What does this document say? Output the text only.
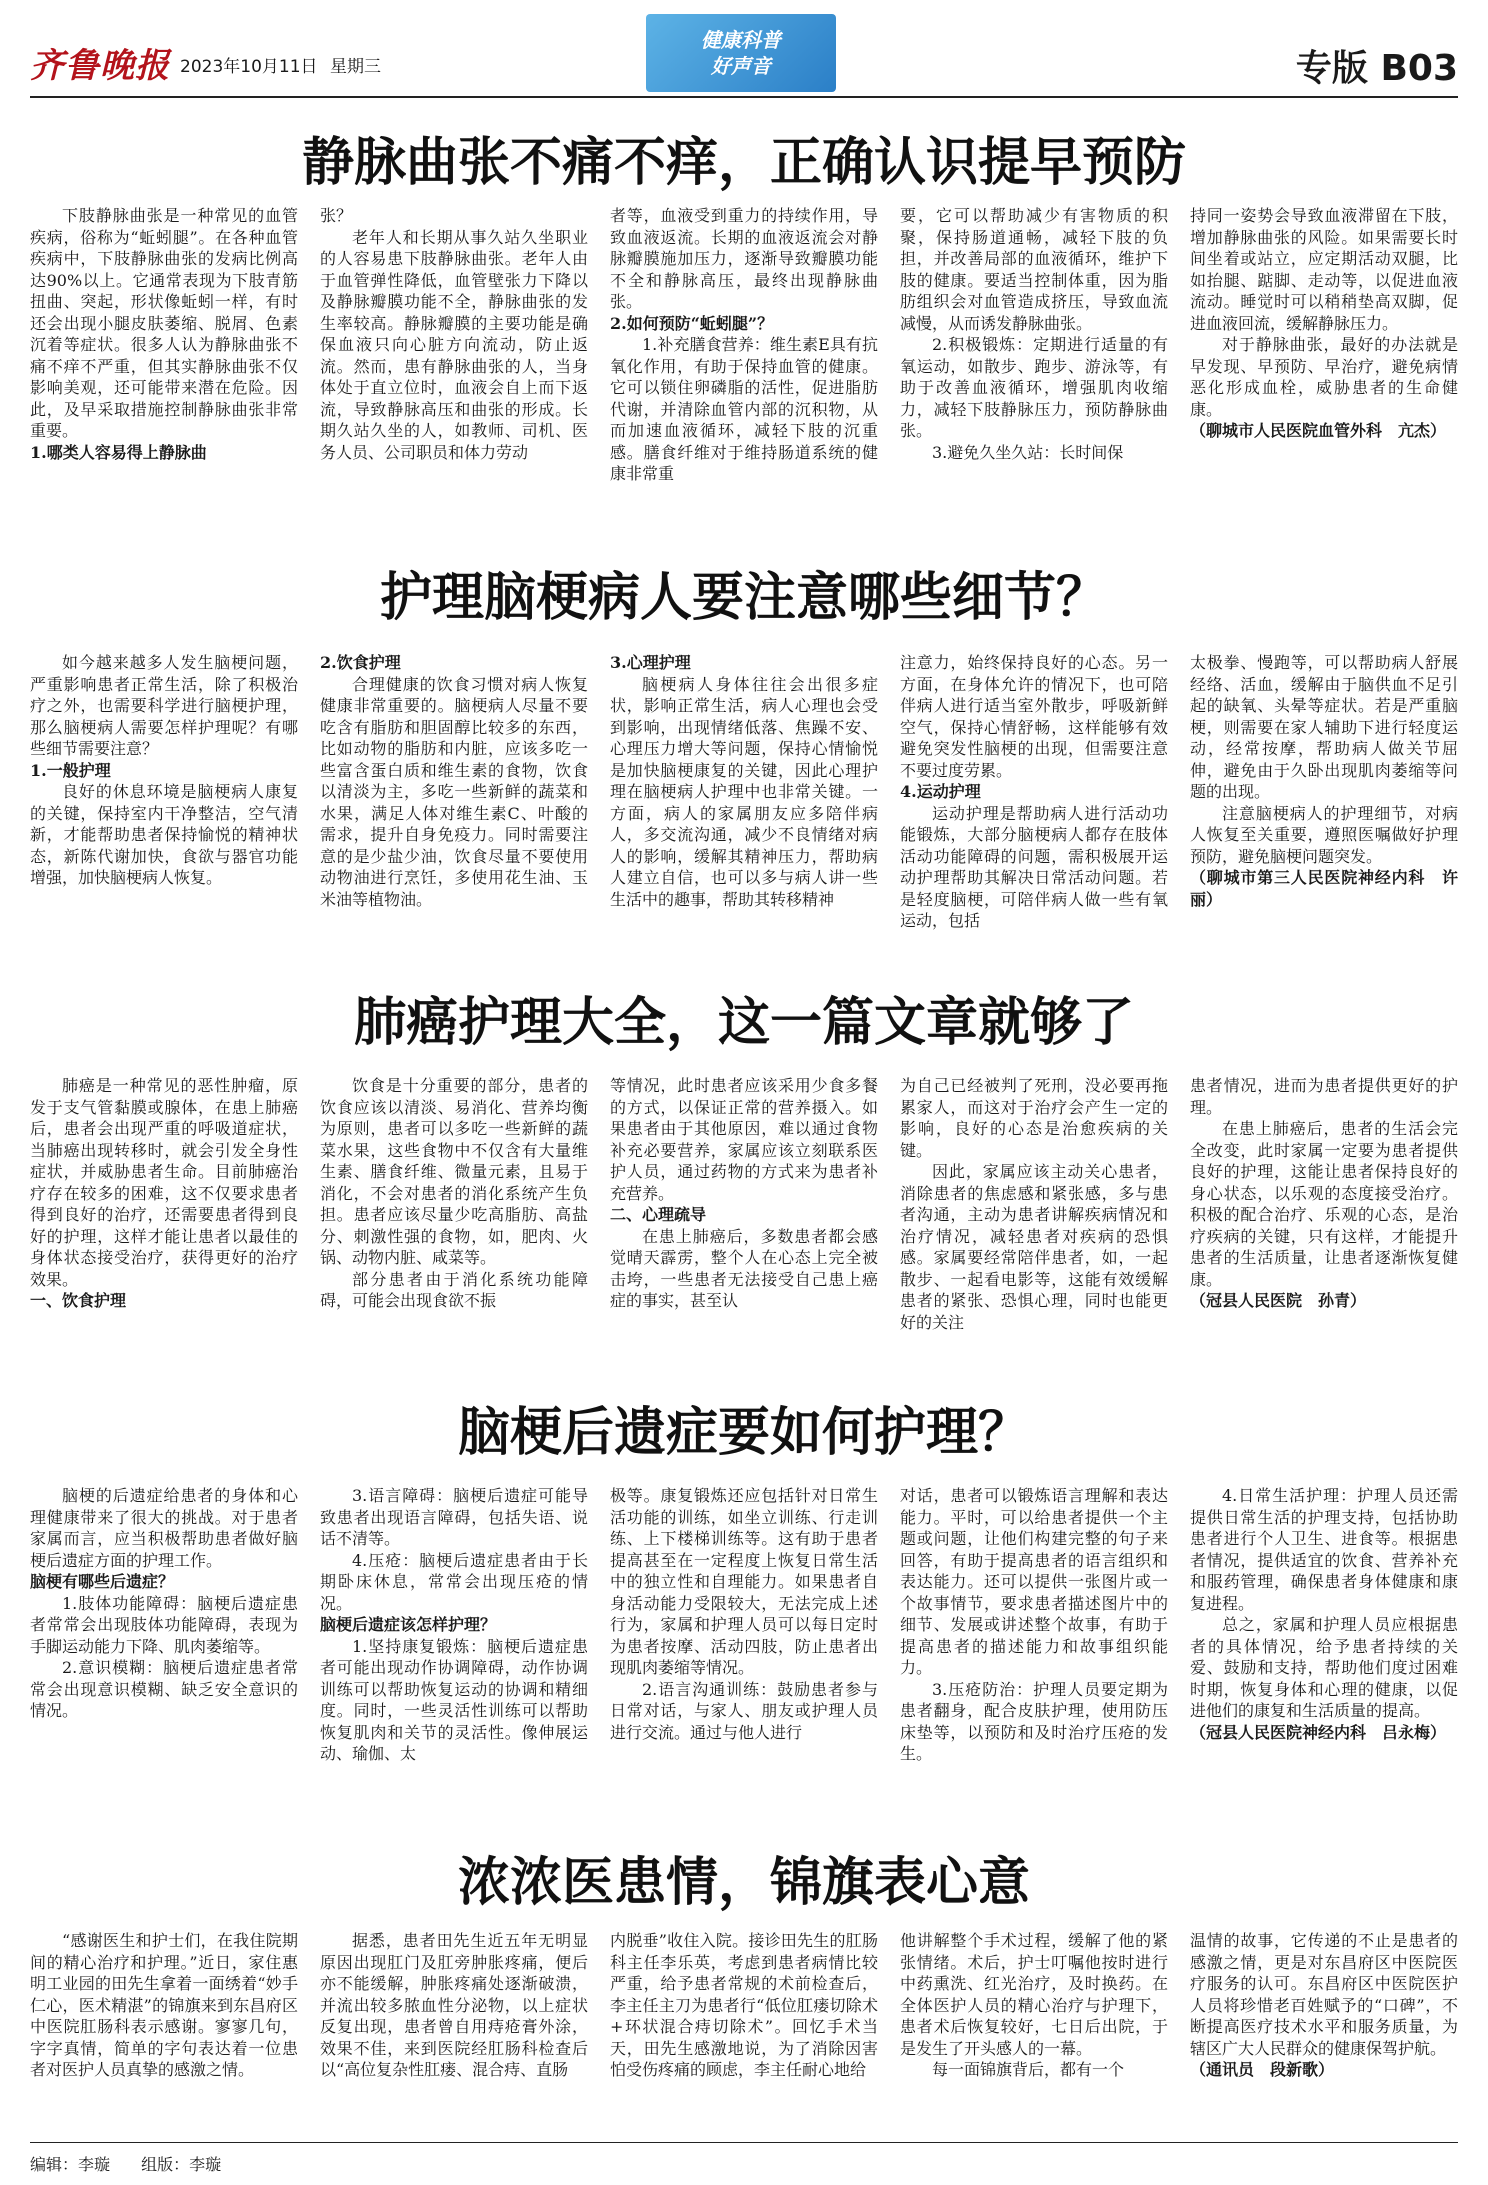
齐鲁晚报 2023年10月11日 星期三
健康科普
好声音	专版 B03
静脉曲张不痛不痒，正确认识提早预防

下肢静脉曲张是一种常见的血管疾病，俗称为“蚯蚓腿”。在各种血管疾病中，下肢静脉曲张的发病比例高达90%以上。它通常表现为下肢青筋扭曲、突起，形状像蚯蚓一样，有时还会出现小腿皮肤萎缩、脱屑、色素沉着等症状。很多人认为静脉曲张不痛不痒不严重，但其实静脉曲张不仅影响美观，还可能带来潜在危险。因此，及早采取措施控制静脉曲张非常重要。

1.哪类人容易得上静脉曲

张？

老年人和长期从事久站久坐职业的人容易患下肢静脉曲张。老年人由于血管弹性降低，血管壁张力下降以及静脉瓣膜功能不全，静脉曲张的发生率较高。静脉瓣膜的主要功能是确保血液只向心脏方向流动，防止返流。然而，患有静脉曲张的人，当身体处于直立位时，血液会自上而下返流，导致静脉高压和曲张的形成。长期久站久坐的人，如教师、司机、医务人员、公司职员和体力劳动

者等，血液受到重力的持续作用，导致血液返流。长期的血液返流会对静脉瓣膜施加压力，逐渐导致瓣膜功能不全和静脉高压，最终出现静脉曲张。

2.如何预防“蚯蚓腿”？

1.补充膳食营养：维生素E具有抗氧化作用，有助于保持血管的健康。它可以锁住卵磷脂的活性，促进脂肪代谢，并清除血管内部的沉积物，从而加速血液循环，减轻下肢的沉重感。膳食纤维对于维持肠道系统的健康非常重

要，它可以帮助减少有害物质的积聚，保持肠道通畅，减轻下肢的负担，并改善局部的血液循环，维护下肢的健康。要适当控制体重，因为脂肪组织会对血管造成挤压，导致血流减慢，从而诱发静脉曲张。

2.积极锻炼：定期进行适量的有氧运动，如散步、跑步、游泳等，有助于改善血液循环，增强肌肉收缩力，减轻下肢静脉压力，预防静脉曲张。

3.避免久坐久站：长时间保

持同一姿势会导致血液滞留在下肢，增加静脉曲张的风险。如果需要长时间坐着或站立，应定期活动双腿，比如抬腿、踮脚、走动等，以促进血液流动。睡觉时可以稍稍垫高双脚，促进血液回流，缓解静脉压力。

对于静脉曲张，最好的办法就是早发现、早预防、早治疗，避免病情恶化形成血栓，威胁患者的生命健康。

（聊城市人民医院血管外科　亢杰）

护理脑梗病人要注意哪些细节？

如今越来越多人发生脑梗问题，严重影响患者正常生活，除了积极治疗之外，也需要科学进行脑梗护理，那么脑梗病人需要怎样护理呢？有哪些细节需要注意？

1.一般护理

良好的休息环境是脑梗病人康复的关键，保持室内干净整洁，空气清新，才能帮助患者保持愉悦的精神状态，新陈代谢加快，食欲与器官功能增强，加快脑梗病人恢复。

2.饮食护理

合理健康的饮食习惯对病人恢复健康非常重要的。脑梗病人尽量不要吃含有脂肪和胆固醇比较多的东西，比如动物的脂肪和内脏，应该多吃一些富含蛋白质和维生素的食物，饮食以清淡为主，多吃一些新鲜的蔬菜和水果，满足人体对维生素C、叶酸的需求，提升自身免疫力。同时需要注意的是少盐少油，饮食尽量不要使用动物油进行烹饪，多使用花生油、玉米油等植物油。

3.心理护理

脑梗病人身体往往会出很多症状，影响正常生活，病人心理也会受到影响，出现情绪低落、焦躁不安、心理压力增大等问题，保持心情愉悦是加快脑梗康复的关键，因此心理护理在脑梗病人护理中也非常关键。一方面，病人的家属朋友应多陪伴病人，多交流沟通，减少不良情绪对病人的影响，缓解其精神压力，帮助病人建立自信，也可以多与病人讲一些生活中的趣事，帮助其转移精神

注意力，始终保持良好的心态。另一方面，在身体允许的情况下，也可陪伴病人进行适当室外散步，呼吸新鲜空气，保持心情舒畅，这样能够有效避免突发性脑梗的出现，但需要注意不要过度劳累。

4.运动护理

运动护理是帮助病人进行活动功能锻炼，大部分脑梗病人都存在肢体活动功能障碍的问题，需积极展开运动护理帮助其解决日常活动问题。若是轻度脑梗，可陪伴病人做一些有氧运动，包括

太极拳、慢跑等，可以帮助病人舒展经络、活血，缓解由于脑供血不足引起的缺氧、头晕等症状。若是严重脑梗，则需要在家人辅助下进行轻度运动，经常按摩，帮助病人做关节屈伸，避免由于久卧出现肌肉萎缩等问题的出现。

注意脑梗病人的护理细节，对病人恢复至关重要，遵照医嘱做好护理预防，避免脑梗问题突发。

（聊城市第三人民医院神经内科　许丽）

肺癌护理大全，这一篇文章就够了

肺癌是一种常见的恶性肿瘤，原发于支气管黏膜或腺体，在患上肺癌后，患者会出现严重的呼吸道症状，当肺癌出现转移时，就会引发全身性症状，并威胁患者生命。目前肺癌治疗存在较多的困难，这不仅要求患者得到良好的治疗，还需要患者得到良好的护理，这样才能让患者以最佳的身体状态接受治疗，获得更好的治疗效果。

一、饮食护理

饮食是十分重要的部分，患者的饮食应该以清淡、易消化、营养均衡为原则，患者可以多吃一些新鲜的蔬菜水果，这些食物中不仅含有大量维生素、膳食纤维、微量元素，且易于消化，不会对患者的消化系统产生负担。患者应该尽量少吃高脂肪、高盐分、刺激性强的食物，如，肥肉、火锅、动物内脏、咸菜等。

部分患者由于消化系统功能障碍，可能会出现食欲不振

等情况，此时患者应该采用少食多餐的方式，以保证正常的营养摄入。如果患者由于其他原因，难以通过食物补充必要营养，家属应该立刻联系医护人员，通过药物的方式来为患者补充营养。

二、心理疏导

在患上肺癌后，多数患者都会感觉晴天霹雳，整个人在心态上完全被击垮，一些患者无法接受自己患上癌症的事实，甚至认

为自己已经被判了死刑，没必要再拖累家人，而这对于治疗会产生一定的影响，良好的心态是治愈疾病的关键。

因此，家属应该主动关心患者，消除患者的焦虑感和紧张感，多与患者沟通，主动为患者讲解疾病情况和治疗情况，减轻患者对疾病的恐惧感。家属要经常陪伴患者，如，一起散步、一起看电影等，这能有效缓解患者的紧张、恐惧心理，同时也能更好的关注

患者情况，进而为患者提供更好的护理。

在患上肺癌后，患者的生活会完全改变，此时家属一定要为患者提供良好的护理，这能让患者保持良好的身心状态，以乐观的态度接受治疗。积极的配合治疗、乐观的心态，是治疗疾病的关键，只有这样，才能提升患者的生活质量，让患者逐渐恢复健康。

（冠县人民医院　孙青）

脑梗后遗症要如何护理？

脑梗的后遗症给患者的身体和心理健康带来了很大的挑战。对于患者家属而言，应当积极帮助患者做好脑梗后遗症方面的护理工作。

脑梗有哪些后遗症？

1.肢体功能障碍：脑梗后遗症患者常常会出现肢体功能障碍，表现为手脚运动能力下降、肌肉萎缩等。

2.意识模糊：脑梗后遗症患者常常会出现意识模糊、缺乏安全意识的情况。

3.语言障碍：脑梗后遗症可能导致患者出现语言障碍，包括失语、说话不清等。

4.压疮：脑梗后遗症患者由于长期卧床休息，常常会出现压疮的情况。

脑梗后遗症该怎样护理？

1.坚持康复锻炼：脑梗后遗症患者可能出现动作协调障碍，动作协调训练可以帮助恢复运动的协调和精细度。同时，一些灵活性训练可以帮助恢复肌肉和关节的灵活性。像伸展运动、瑜伽、太

极等。康复锻炼还应包括针对日常生活功能的训练，如坐立训练、行走训练、上下楼梯训练等。这有助于患者提高甚至在一定程度上恢复日常生活中的独立性和自理能力。如果患者自身活动能力受限较大，无法完成上述行为，家属和护理人员可以每日定时为患者按摩、活动四肢，防止患者出现肌肉萎缩等情况。

2.语言沟通训练：鼓励患者参与日常对话，与家人、朋友或护理人员进行交流。通过与他人进行

对话，患者可以锻炼语言理解和表达能力。平时，可以给患者提供一个主题或问题，让他们构建完整的句子来回答，有助于提高患者的语言组织和表达能力。还可以提供一张图片或一个故事情节，要求患者描述图片中的细节、发展或讲述整个故事，有助于提高患者的描述能力和故事组织能力。

3.压疮防治：护理人员要定期为患者翻身，配合皮肤护理，使用防压床垫等，以预防和及时治疗压疮的发生。

4.日常生活护理：护理人员还需提供日常生活的护理支持，包括协助患者进行个人卫生、进食等。根据患者情况，提供适宜的饮食、营养补充和服药管理，确保患者身体健康和康复进程。

总之，家属和护理人员应根据患者的具体情况，给予患者持续的关爱、鼓励和支持，帮助他们度过困难时期，恢复身体和心理的健康，以促进他们的康复和生活质量的提高。

（冠县人民医院神经内科　吕永梅）

浓浓医患情，锦旗表心意

“感谢医生和护士们，在我住院期间的精心治疗和护理。”近日，家住惠明工业园的田先生拿着一面绣着“妙手仁心，医术精湛”的锦旗来到东昌府区中医院肛肠科表示感谢。寥寥几句，字字真情，简单的字句表达着一位患者对医护人员真挚的感激之情。

据悉，患者田先生近五年无明显原因出现肛门及肛旁肿胀疼痛，便后亦不能缓解，肿胀疼痛处逐渐破溃，并流出较多脓血性分泌物，以上症状反复出现，患者曾自用痔疮膏外涂，效果不佳，来到医院经肛肠科检查后以“高位复杂性肛瘘、混合痔、直肠

内脱垂”收住入院。接诊田先生的肛肠科主任李乐英，考虑到患者病情比较严重，给予患者常规的术前检查后，李主任主刀为患者行“低位肛瘘切除术+环状混合痔切除术”。回忆手术当天，田先生感激地说，为了消除因害怕受伤疼痛的顾虑，李主任耐心地给

他讲解整个手术过程，缓解了他的紧张情绪。术后，护士叮嘱他按时进行中药熏洗、红光治疗，及时换药。在全体医护人员的精心治疗与护理下，患者术后恢复较好，七日后出院，于是发生了开头感人的一幕。

每一面锦旗背后，都有一个

温情的故事，它传递的不止是患者的感激之情，更是对东昌府区中医院医疗服务的认可。东昌府区中医院医护人员将珍惜老百姓赋予的“口碑”，不断提高医疗技术水平和服务质量，为辖区广大人民群众的健康保驾护航。

（通讯员　段新歌）

编辑：李璇 组版：李璇
